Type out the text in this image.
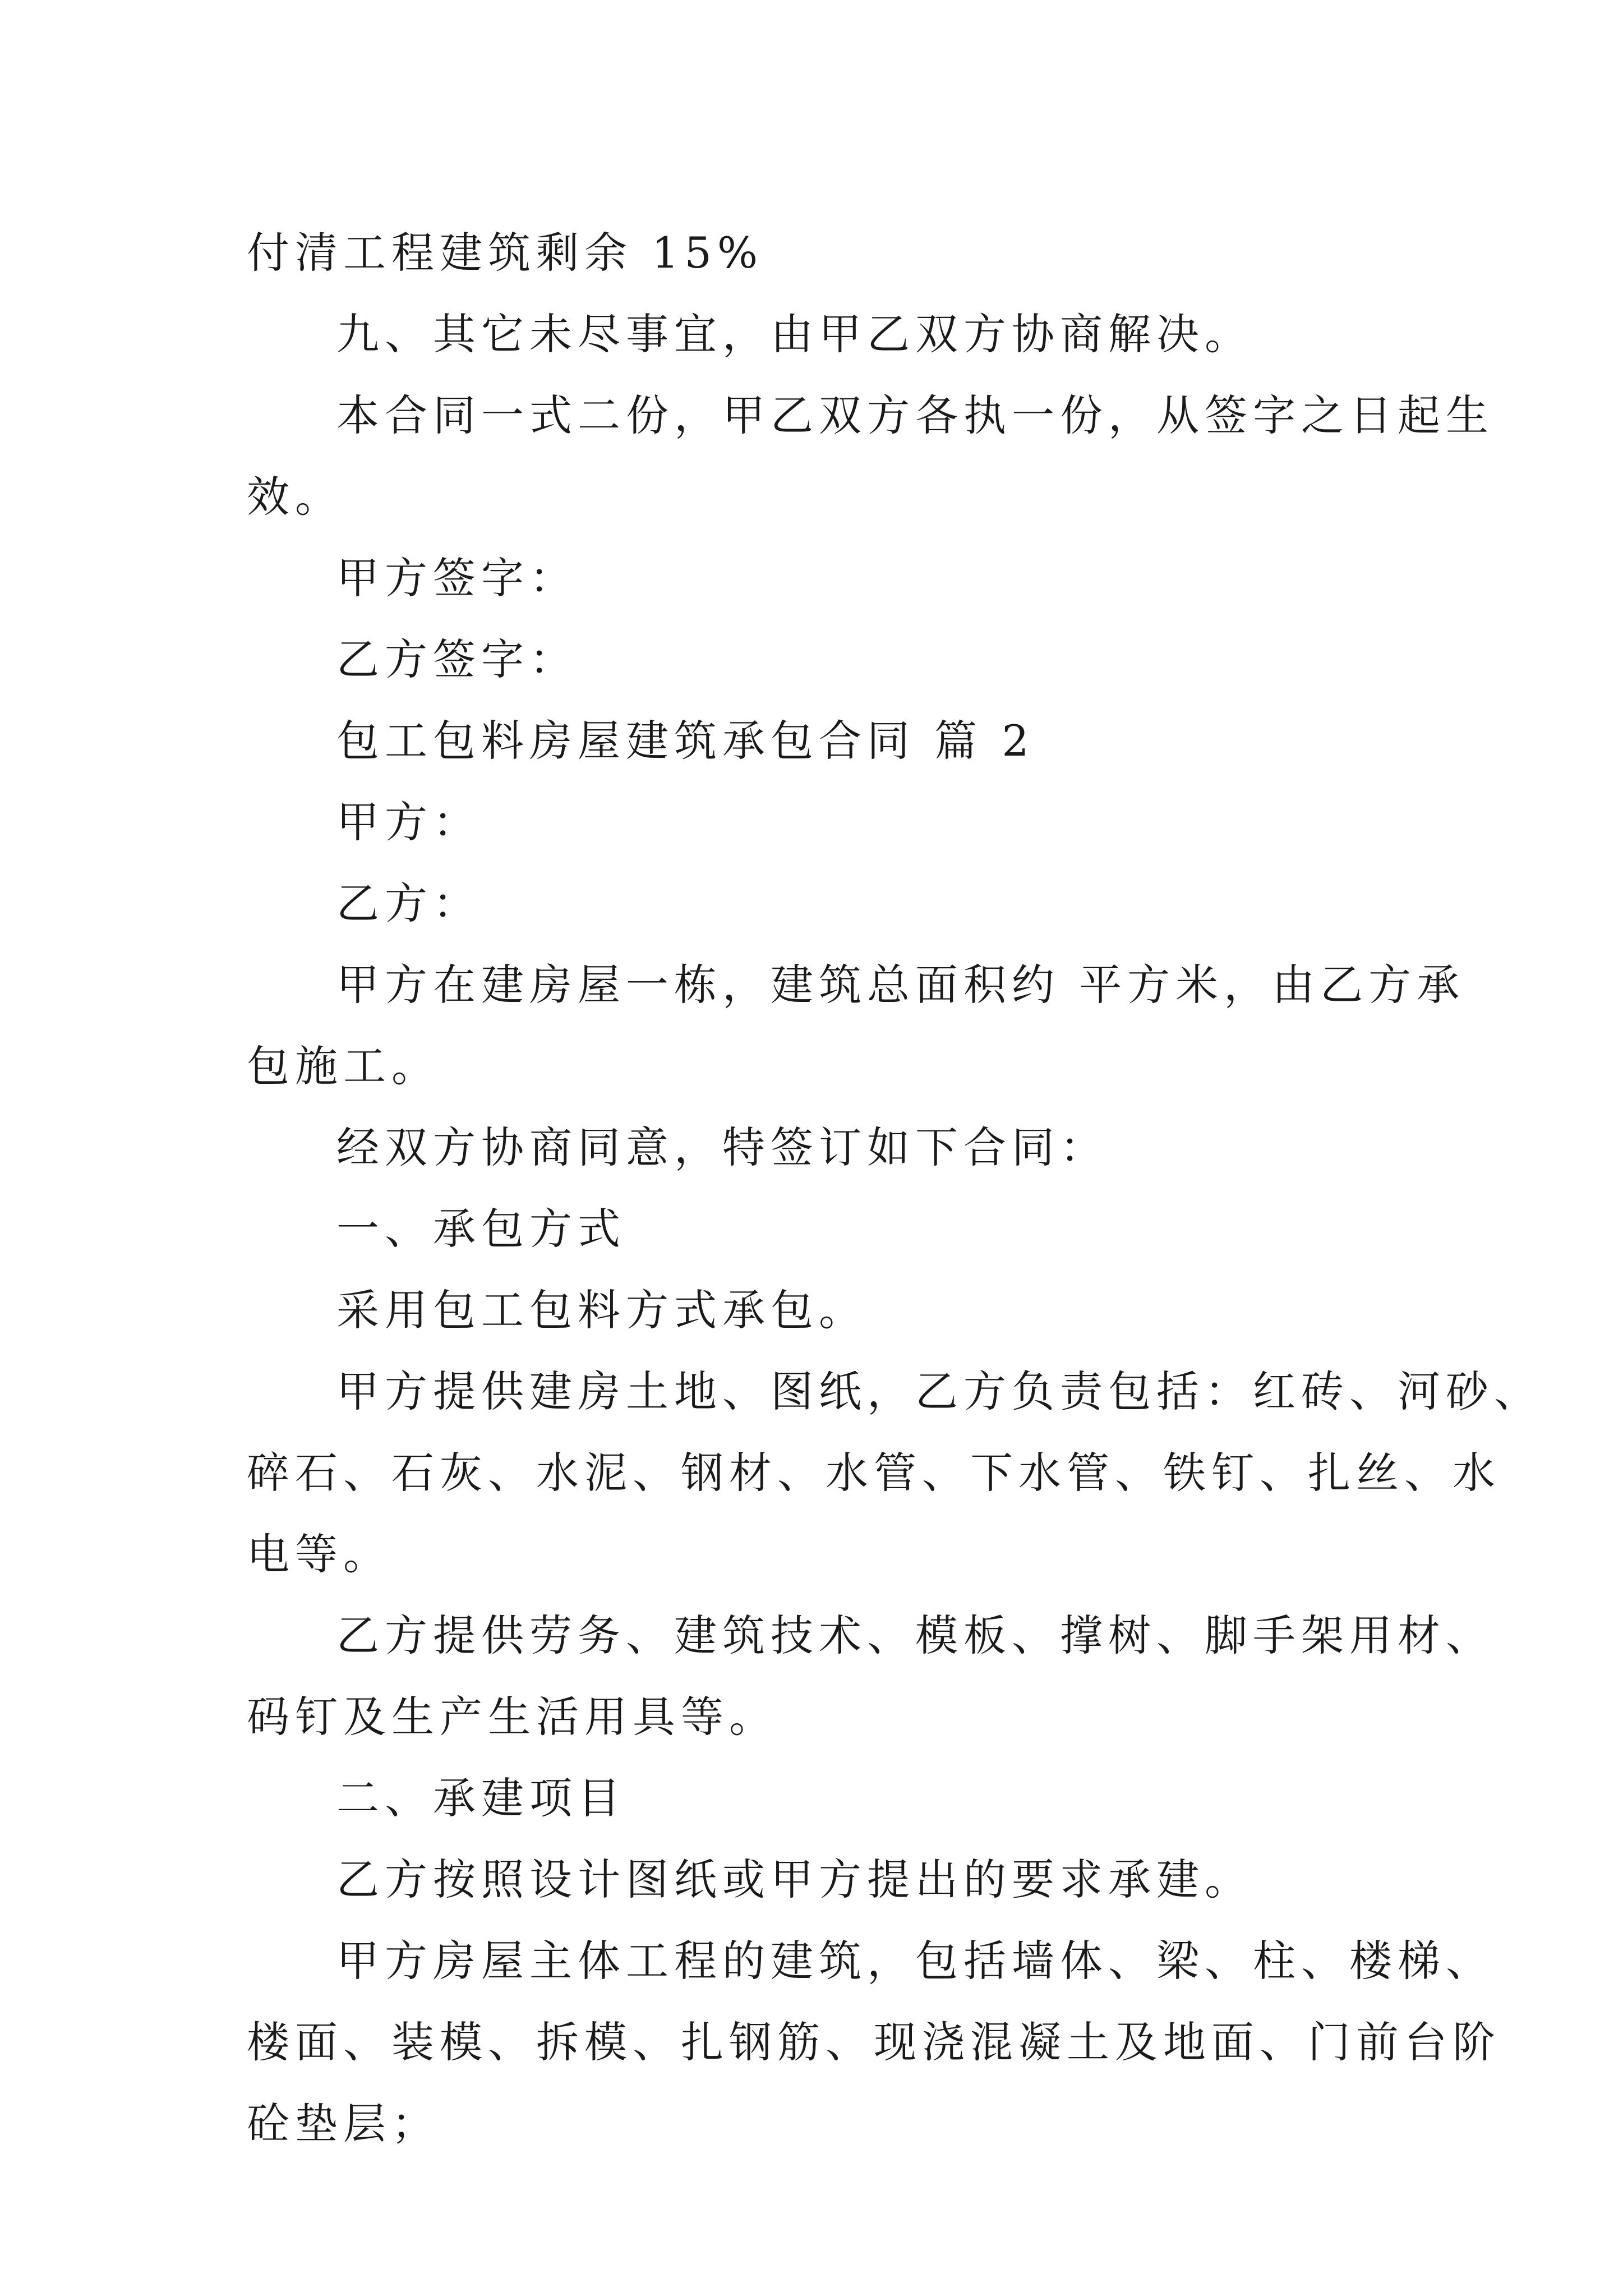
付清工程建筑剩余 15%
九、其它未尽事宜，由甲乙双方协商解决。
本合同一式二份，甲乙双方各执一份，从签字之日起生
效。
甲方签字：
乙方签字：
包工包料房屋建筑承包合同 篇 2
甲方：
乙方：
甲方在建房屋一栋，建筑总面积约 平方米，由乙方承
包施工。
经双方协商同意，特签订如下合同：
一、承包方式
采用包工包料方式承包。
甲方提供建房土地、图纸，乙方负责包括：红砖、河砂、
碎石、石灰、水泥、钢材、水管、下水管、铁钉、扎丝、水
电等。
乙方提供劳务、建筑技术、模板、撑树、脚手架用材、
码钉及生产生活用具等。
二、承建项目
乙方按照设计图纸或甲方提出的要求承建。
甲方房屋主体工程的建筑，包括墙体、梁、柱、楼梯、
楼面、装模、拆模、扎钢筋、现浇混凝土及地面、门前台阶
砼垫层；
